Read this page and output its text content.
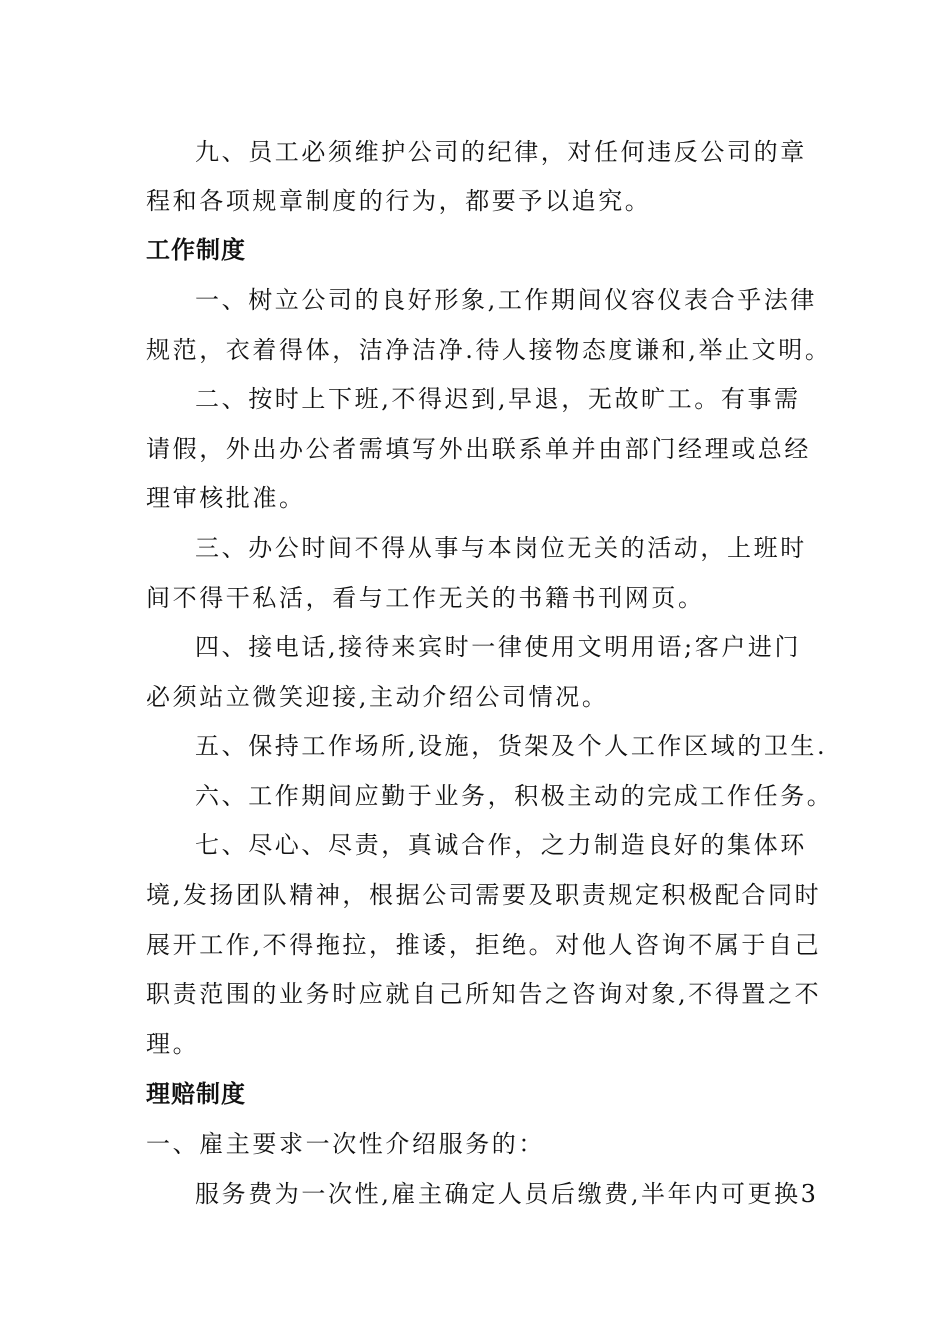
九、员工必须维护公司的纪律，对任何违反公司的章
程和各项规章制度的行为，都要予以追究。
工作制度
一、树立公司的良好形象,工作期间仪容仪表合乎法律
规范，衣着得体，洁净洁净.待人接物态度谦和,举止文明。
二、按时上下班,不得迟到,早退，无故旷工。有事需
请假，外出办公者需填写外出联系单并由部门经理或总经
理审核批准。
三、办公时间不得从事与本岗位无关的活动，上班时
间不得干私活，看与工作无关的书籍书刊网页。
四、接电话,接待来宾时一律使用文明用语;客户进门
必须站立微笑迎接,主动介绍公司情况。
五、保持工作场所,设施，货架及个人工作区域的卫生.
六、工作期间应勤于业务，积极主动的完成工作任务。
七、尽心、尽责，真诚合作，之力制造良好的集体环
境,发扬团队精神，根据公司需要及职责规定积极配合同时
展开工作,不得拖拉，推诿，拒绝。对他人咨询不属于自己
职责范围的业务时应就自己所知告之咨询对象,不得置之不
理。
理赔制度
一、雇主要求一次性介绍服务的：
服务费为一次性,雇主确定人员后缴费,半年内可更换3
